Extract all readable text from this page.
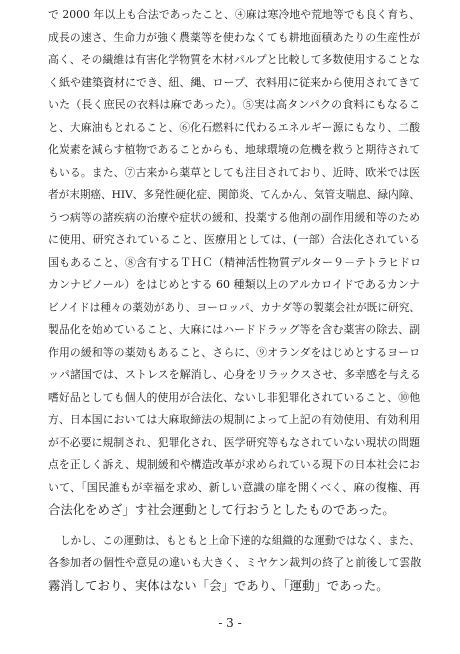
で 2000 年以上も合法であったこと、④麻は寒冷地や荒地等でも良く育ち、
成長の速さ、生命力が強く農薬等を使わなくても耕地面積あたりの生産性が
高く、その繊維は有害化学物質を木材パルプと比較して多数使用することな
く紙や建築資材にでき、紐、縄、ロープ、衣料用に従来から使用されてきて
いた（長く庶民の衣料は麻であった）。⑤実は高タンパクの食料にもなるこ
と、大麻油もとれること、⑥化石燃料に代わるエネルギー源にもなり、二酸
化炭素を減らす植物であることからも、地球環境の危機を救うと期待されて
もいる。また、⑦古来から薬草としても注目されており、近時、欧米では医
者が末期癌、HIV、多発性硬化症、関節炎、てんかん、気管支喘息、緑内障、
うつ病等の諸疾病の治療や症状の緩和、投薬する他剤の副作用緩和等のため
に使用、研究されていること、医療用としては、(一部）合法化されている
国もあること、⑧含有するＴＨＣ（精神活性物質デルター９－テトラヒドロ
カンナビノール）をはじめとする 60 種類以上のアルカロイドであるカンナ
ビノイドは種々の薬効があり、ヨーロッパ、カナダ等の製薬会社が既に研究、
製品化を始めていること、大麻にはハードドラッグ等を含む薬害の除去、副
作用の緩和等の薬効もあること、さらに、⑨オランダをはじめとするヨーロ
ッパ諸国では、ストレスを解消し、心身をリラックスさせ、多幸感を与える
嗜好品としても個人的使用が合法化、ないし非犯罪化されていること、⑩他
方、日本国においては大麻取締法の規制によって上記の有効使用、有効利用
が不必要に規制され、犯罪化され、医学研究等もなされていない現状の問題
点を正しく訴え、規制緩和や構造改革が求められている現下の日本社会にお
いて、「国民誰もが幸福を求め、新しい意識の扉を開くべく、麻の復権、再
合法化をめざ」す社会運動として行おうとしたものであった。
しかし、この運動は、もともと上命下達的な組織的な運動ではなく、また、
各参加者の個性や意見の違いも大きく、ミヤケン裁判の終了と前後して雲散
霧消しており、実体はない「会」であり、「運動」であった。
- 3 -
